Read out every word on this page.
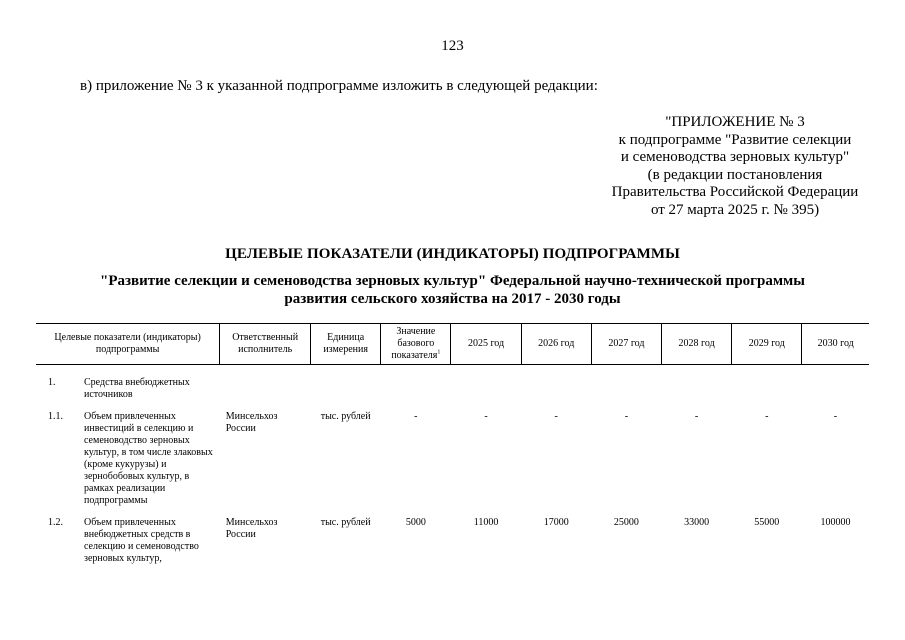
123
в) приложение № 3 к указанной подпрограмме изложить в следующей редакции:
"ПРИЛОЖЕНИЕ № 3
к подпрограмме "Развитие селекции
и семеноводства зерновых культур"
(в редакции постановления
Правительства Российской Федерации
от 27 марта 2025 г. № 395)
ЦЕЛЕВЫЕ ПОКАЗАТЕЛИ (ИНДИКАТОРЫ) ПОДПРОГРАММЫ
"Развитие селекции и семеноводства зерновых культур" Федеральной научно-технической программы
развития сельского хозяйства на 2017 - 2030 годы
Целевые показатели (индикаторы) подпрограммы	Ответственный исполнитель	Единица измерения	Значение базового показателя$^1$	2025 год	2026 год	2027 год	2028 год	2029 год	2030 год

1.	Средства внебюджетных источников

1.1.	Объем привлеченных инвестиций в селекцию и семеноводство зерновых культур, в том числе злаковых (кроме кукурузы) и зернобобовых культур, в рамках реализации подпрограммы
	Минсельхоз России	тыс. рублей	-	-	-	-	-	-	-

1.2.	Объем привлеченных внебюджетных средств в селекцию и семеноводство зерновых культур,
	Минсельхоз России	тыс. рублей	5000	11000	17000	25000	33000	55000	100000
